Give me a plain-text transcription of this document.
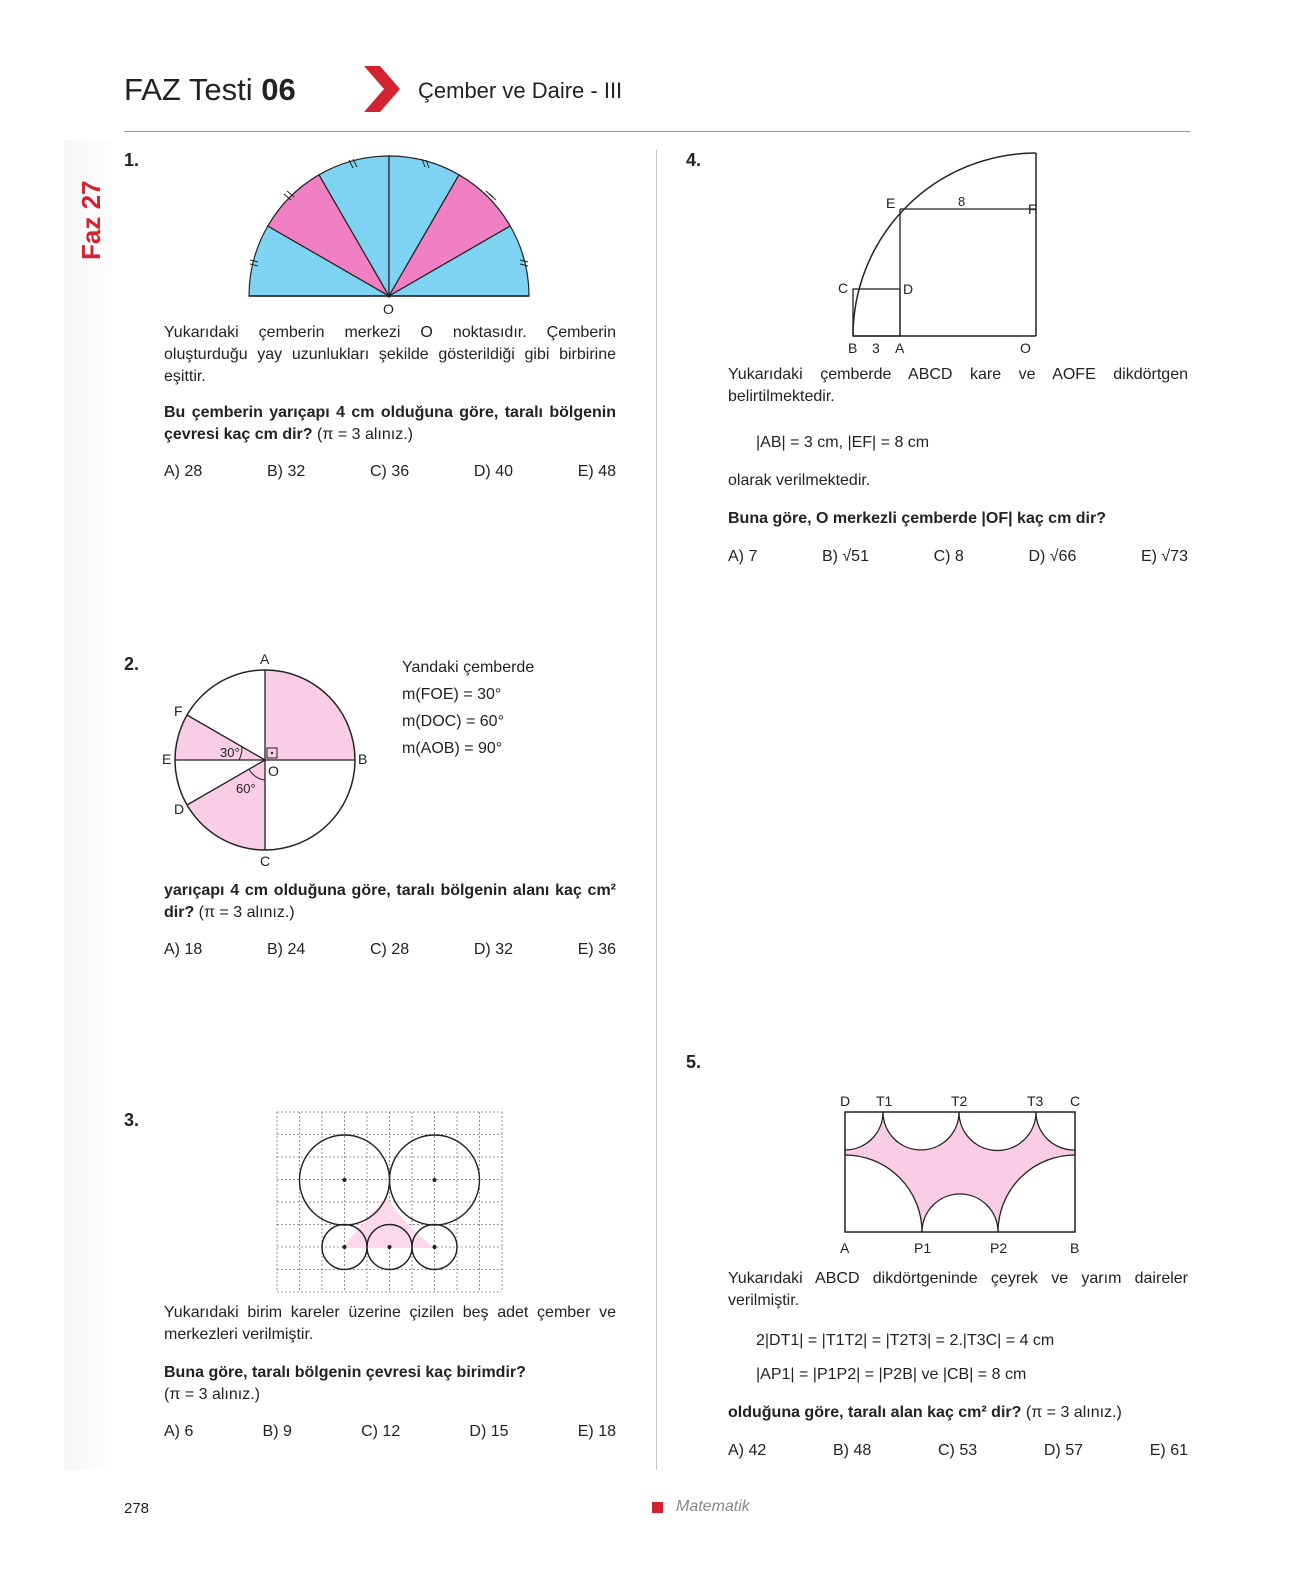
Faz 27
FAZ Testi 06	Çember ve Daire - III
1.
O
Yukarıdaki çemberin merkezi O noktasıdır. Çemberin oluşturduğu yay uzunlukları şekilde gösterildiği gibi birbirine eşittir.
Bu çemberin yarıçapı 4 cm olduğuna göre, taralı bölgenin çevresi kaç cm dir? (π = 3 alınız.)
A) 28	B) 32	C) 36	D) 40	E) 48
2.	A
B
C
D
E
F
O
30°
60°
Yandaki çemberde
m(FOE) = 30°
m(DOC) = 60°
m(AOB) = 90°
yarıçapı 4 cm olduğuna göre, taralı bölgenin alanı kaç cm² dir? (π = 3 alınız.)
A) 18	B) 24	C) 28	D) 32	E) 36
3.
Yukarıdaki birim kareler üzerine çizilen beş adet çember ve merkezleri verilmiştir.
Buna göre, taralı bölgenin çevresi kaç birimdir?
(π = 3 alınız.)
A) 6	B) 9	C) 12	D) 15	E) 18
4.
E	8	F
C	D
B 3 A	O
Yukarıdaki çemberde ABCD kare ve AOFE dikdörtgen belirtilmektedir.
|AB| = 3 cm, |EF| = 8 cm
olarak verilmektedir.
Buna göre, O merkezli çemberde |OF| kaç cm dir?
A) 7	B) √51	C) 8	D) √66	E) √73
5.
D T1	T2	T3 C
A	P1	P2	B
Yukarıdaki ABCD dikdörtgeninde çeyrek ve yarım daireler verilmiştir.
2|DT1| = |T1T2| = |T2T3| = 2.|T3C| = 4 cm
|AP1| = |P1P2| = |P2B| ve |CB| = 8 cm
olduğuna göre, taralı alan kaç cm² dir? (π = 3 alınız.)
A) 42	B) 48	C) 53	D) 57	E) 61
278	Matematik
